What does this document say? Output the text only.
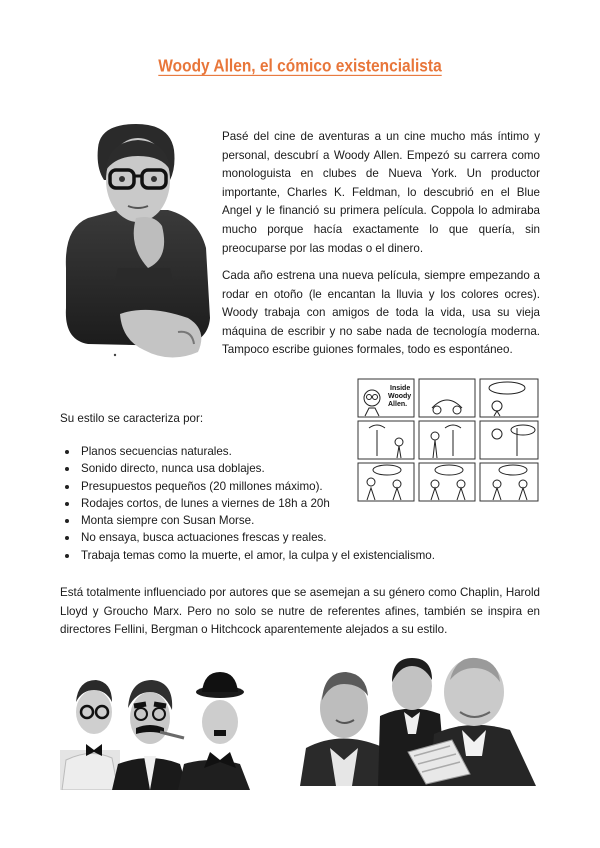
Woody Allen, el cómico existencialista

Pasé del cine de aventuras a un cine mucho más íntimo y personal, descubrí a Woody Allen. Empezó su carrera como monologuista en clubes de Nueva York. Un productor importante, Charles K. Feldman, lo descubrió en el Blue Angel y le financió su primera película. Coppola lo admiraba mucho porque hacía exactamente lo que quería, sin preocuparse por las modas o el dinero.

Cada año estrena una nueva película, siempre empezando a rodar en otoño (le encantan la lluvia y los colores ocres). Woody trabaja con amigos de toda la vida, usa su vieja máquina de escribir y no sabe nada de tecnología moderna. Tampoco escribe guiones formales, todo es espontáneo.

Inside
Woody
Allen.

Su estilo se caracteriza por:

Planos secuencias naturales.
Sonido directo, nunca usa doblajes.
Presupuestos pequeños (20 millones máximo).
Rodajes cortos, de lunes a viernes de 18h a 20h
Monta siempre con Susan Morse.
No ensaya, busca actuaciones frescas y reales.
Trabaja temas como la muerte, el amor, la culpa y el existencialismo.

Está totalmente influenciado por autores que se asemejan a su género como Chaplin, Harold Lloyd y Groucho Marx. Pero no solo se nutre de referentes afines, también se inspira en directores Fellini, Bergman o Hitchcock aparentemente alejados a su estilo.
